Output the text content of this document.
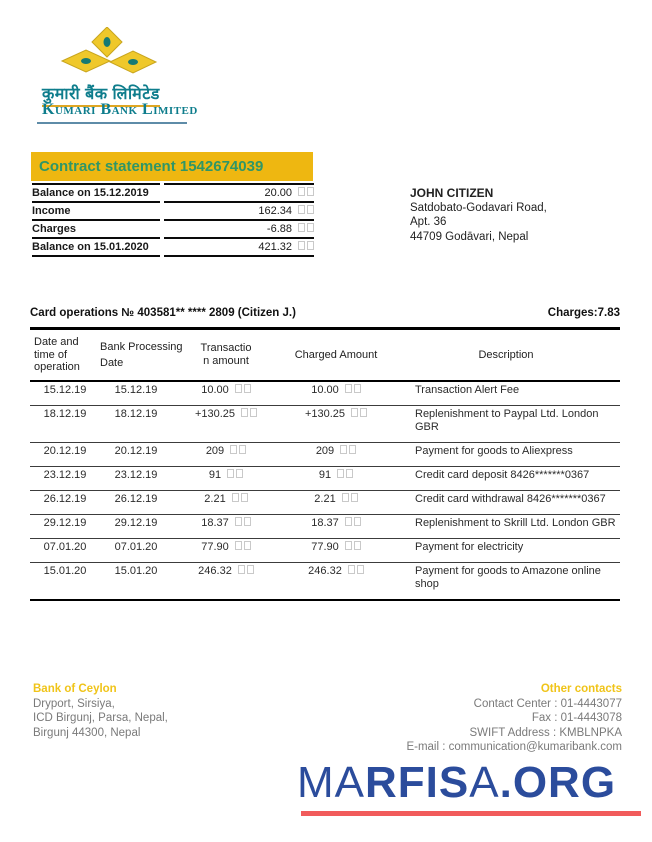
कुमारी बैंक लिमिटेड
Kumari Bank Limited
Contract statement 1542674039
Balance on 15.12.2019	20.00
Income	162.34
Charges	-6.88
Balance on 15.01.2020	421.32
JOHN CITIZEN
Satdobato-Godavari Road,
Apt. 36
44709 Godāvari, Nepal
Card operations № 403581** **** 2809 (Citizen J.)	Charges:7.83
Date and time of operation	Bank Processing Date	Transactio n amount	Charged Amount	Description

15.12.19	15.12.19	10.00	10.00	Transaction Alert Fee
18.12.19	18.12.19	+130.25	+130.25	Replenishment to Paypal Ltd. London GBR
20.12.19	20.12.19	209	209	Payment for goods to Aliexpress
23.12.19	23.12.19	91	91	Credit card deposit 8426*******0367
26.12.19	26.12.19	2.21	2.21	Credit card withdrawal 8426*******0367
29.12.19	29.12.19	18.37	18.37	Replenishment to Skrill Ltd. London GBR
07.01.20	07.01.20	77.90	77.90	Payment for electricity
15.01.20	15.01.20	246.32	246.32	Payment for goods to Amazone online shop
Bank of Ceylon
Dryport, Sirsiya,
ICD Birgunj, Parsa, Nepal,
Birgunj 44300, Nepal
Other contacts
Contact Center : 01-4443077
Fax : 01-4443078
SWIFT Address : KMBLNPKA
E-mail : communication@kumaribank.com
MARFISA.ORG
